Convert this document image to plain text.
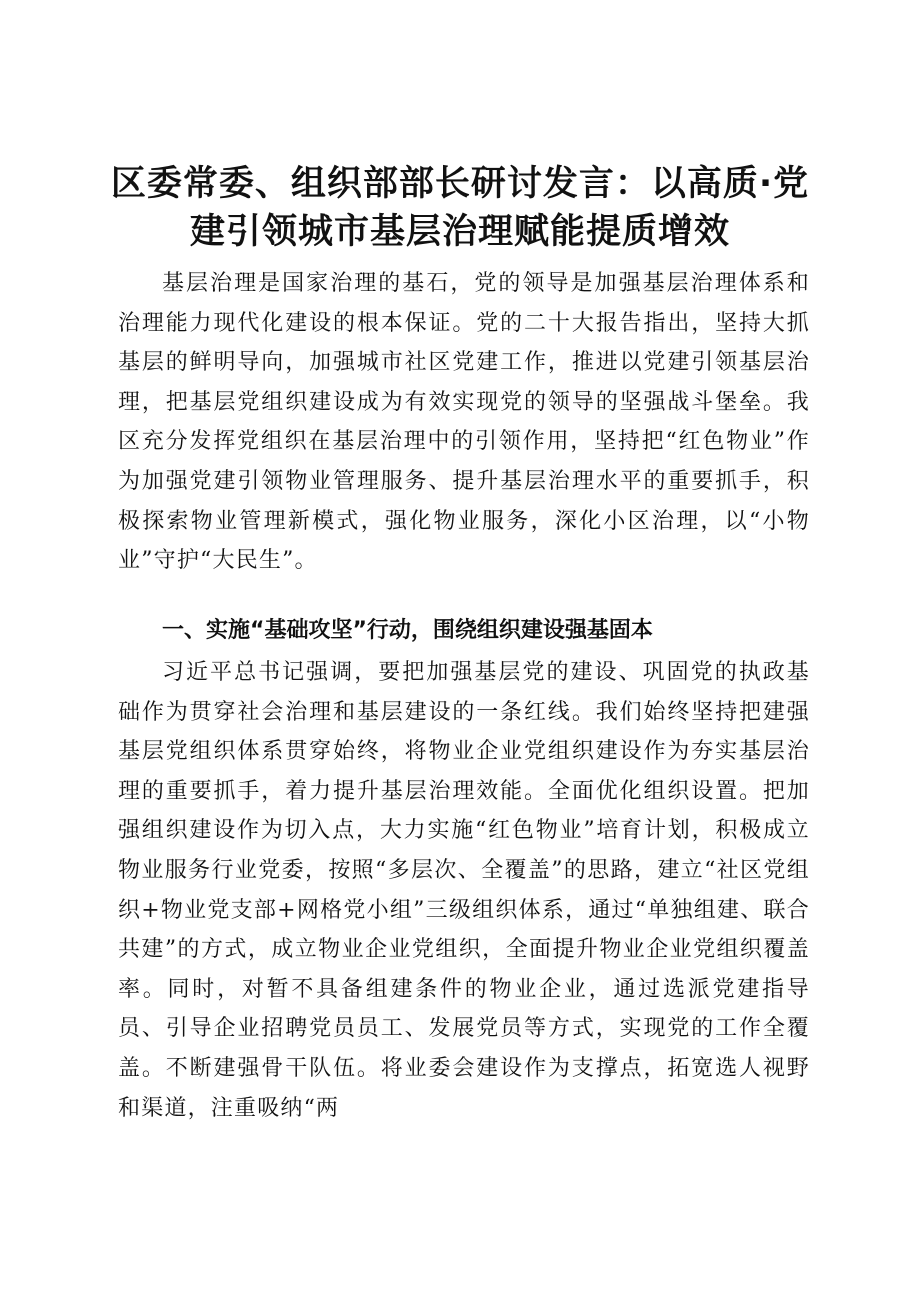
区委常委、组织部部长研讨发言：以高质·党建引领城市基层治理赋能提质增效

基层治理是国家治理的基石，党的领导是加强基层治理体系和治理能力现代化建设的根本保证。党的二十大报告指出，坚持大抓基层的鲜明导向，加强城市社区党建工作，推进以党建引领基层治理，把基层党组织建设成为有效实现党的领导的坚强战斗堡垒。我区充分发挥党组织在基层治理中的引领作用，坚持把“红色物业”作为加强党建引领物业管理服务、提升基层治理水平的重要抓手，积极探索物业管理新模式，强化物业服务，深化小区治理，以“小物业”守护“大民生”。

一、实施“基础攻坚”行动，围绕组织建设强基固本

习近平总书记强调，要把加强基层党的建设、巩固党的执政基础作为贯穿社会治理和基层建设的一条红线。我们始终坚持把建强基层党组织体系贯穿始终，将物业企业党组织建设作为夯实基层治理的重要抓手，着力提升基层治理效能。全面优化组织设置。把加强组织建设作为切入点，大力实施“红色物业”培育计划，积极成立物业服务行业党委，按照“多层次、全覆盖”的思路，建立“社区党组织+物业党支部+网格党小组”三级组织体系，通过“单独组建、联合共建”的方式，成立物业企业党组织，全面提升物业企业党组织覆盖率。同时，对暂不具备组建条件的物业企业，通过选派党建指导员、引导企业招聘党员员工、发展党员等方式，实现党的工作全覆盖。不断建强骨干队伍。将业委会建设作为支撑点，拓宽选人视野和渠道，注重吸纳“两
